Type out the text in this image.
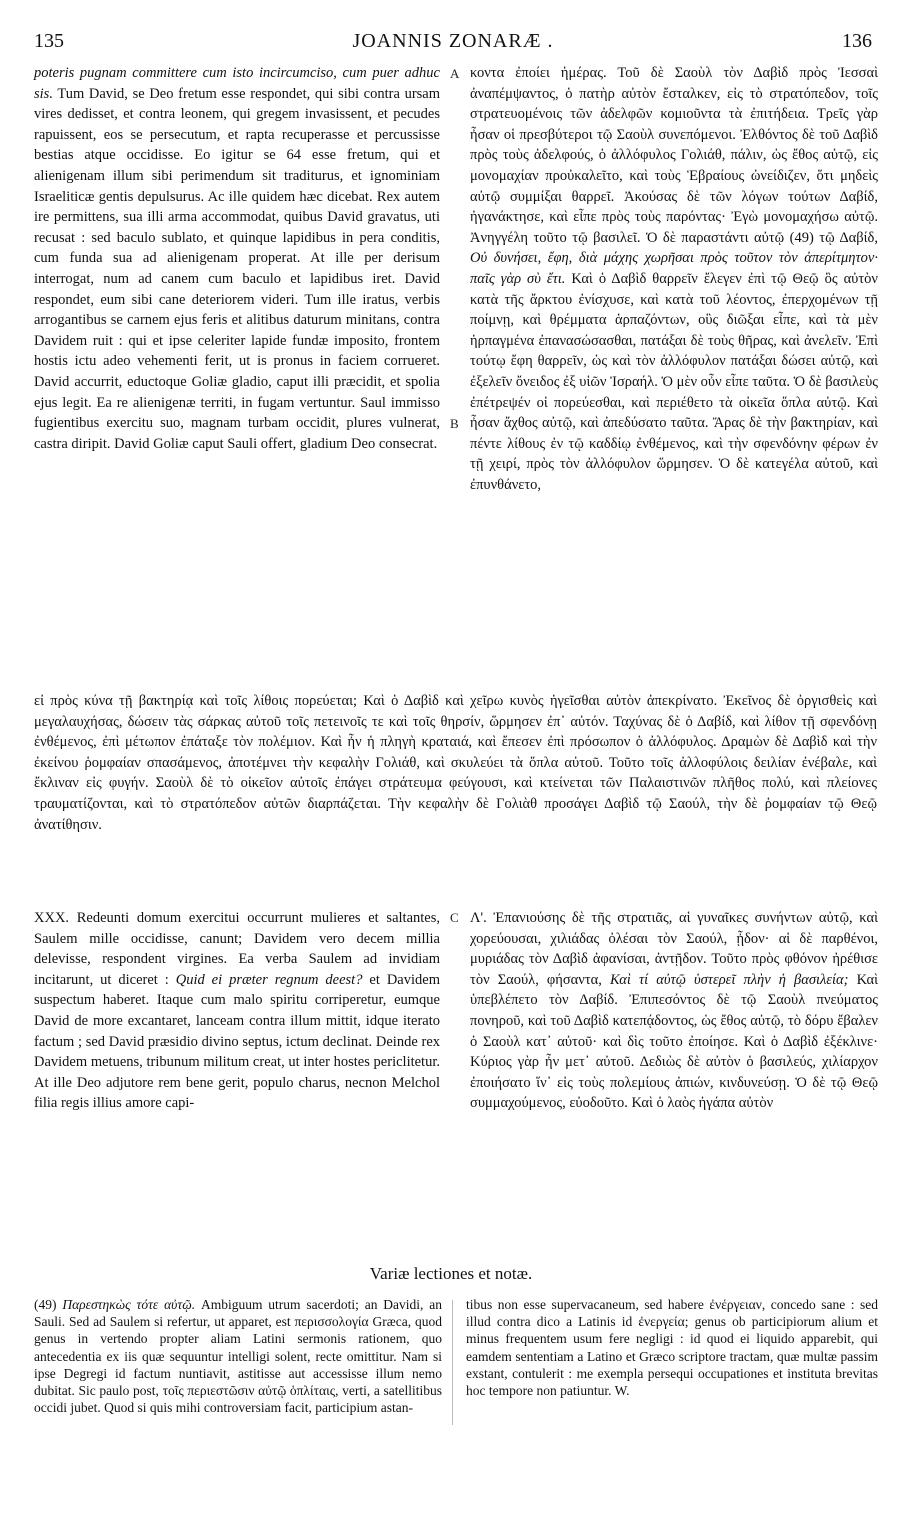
135	JOANNIS ZONARÆ .	136
A
B
C

poteris pugnam committere cum isto incircumciso, cum puer adhuc sis. Tum David, se Deo fretum esse respondet, qui sibi contra ursam vires dedisset, et contra leonem, qui gregem invasissent, et pecudes rapuissent, eos se persecutum, et rapta recuperasse et percussisse bestias atque occidisse. Eo igitur se 64 esse fretum, qui et alienigenam illum sibi perimendum sit traditurus, et ignominiam Israeliticæ gentis depulsurus. Ac ille quidem hæc dicebat. Rex autem ire permittens, sua illi arma accommodat, quibus David gravatus, uti recusat : sed baculo sublato, et quinque lapidibus in pera conditis, cum funda sua ad alienigenam properat. At ille per derisum interrogat, num ad canem cum baculo et lapidibus iret. David respondet, eum sibi cane deteriorem videri. Tum ille iratus, verbis arrogantibus se carnem ejus feris et alitibus daturum minitans, contra Davidem ruit : qui et ipse celeriter lapide fundæ imposito, frontem hostis ictu adeo vehementi ferit, ut is pronus in faciem corrueret. David accurrit, eductoque Goliæ gladio, caput illi præcidit, et spolia ejus legit. Ea re alienigenæ territi, in fugam vertuntur. Saul immisso fugientibus exercitu suo, magnam turbam occidit, plures vulnerat, castra diripit. David Goliæ caput Sauli offert, gladium Deo consecrat.

κοντα ἐποίει ἡμέρας. Τοῦ δὲ Σαοὺλ τὸν Δαβὶδ πρὸς Ἰεσσαὶ ἀναπέμψαντος, ὁ πατὴρ αὐτὸν ἔσταλκεν, εἰς τὸ στρατόπεδον, τοῖς στρατευομένοις τῶν ἀδελφῶν κομιοῦντα τὰ ἐπιτήδεια. Τρεῖς γὰρ ἦσαν οἱ πρεσβύτεροι τῷ Σαοὺλ συνεπόμενοι. Ἐλθόντος δὲ τοῦ Δαβὶδ πρὸς τοὺς ἀδελφούς, ὁ ἀλλόφυλος Γολιάθ, πάλιν, ὡς ἔθος αὐτῷ, εἰς μονομαχίαν προὐκαλεῖτο, καὶ τοὺς Ἑβραίους ὠνείδιζεν, ὅτι μηδεὶς αὐτῷ συμμίξαι θαρρεῖ. Ἀκούσας δὲ τῶν λόγων τούτων Δαβίδ, ἠγανάκτησε, καὶ εἶπε πρὸς τοὺς παρόντας· Ἐγὼ μονομαχήσω αὐτῷ. Ἀνηγγέλη τοῦτο τῷ βασιλεῖ. Ὁ δὲ παραστάντι αὐτῷ (49) τῷ Δαβίδ, Οὐ δυνήσει, ἔφη, διὰ μάχης χωρῆσαι πρὸς τοῦτον τὸν ἀπερίτμητον· παῖς γὰρ σὺ ἔτι. Καὶ ὁ Δαβὶδ θαρρεῖν ἔλεγεν ἐπὶ τῷ Θεῷ ὃς αὐτὸν κατὰ τῆς ἄρκτου ἐνίσχυσε, καὶ κατὰ τοῦ λέοντος, ἐπερχομένων τῇ ποίμνῃ, καὶ θρέμματα ἁρπαζόντων, οὓς διῶξαι εἶπε, καὶ τὰ μὲν ἡρπαγμένα ἐπανασώσασθαι, πατάξαι δὲ τοὺς θῆρας, καὶ ἀνελεῖν. Ἐπὶ τούτῳ ἔφη θαρρεῖν, ὡς καὶ τὸν ἀλλόφυλον πατάξαι δώσει αὐτῷ, καὶ ἐξελεῖν ὄνειδος ἐξ υἱῶν Ἰσραήλ. Ὁ μὲν οὖν εἶπε ταῦτα. Ὁ δὲ βασιλεὺς ἐπέτρεψέν οἱ πορεύεσθαι, καὶ περιέθετο τὰ οἰκεῖα ὅπλα αὐτῷ. Καὶ ἦσαν ἄχθος αὐτῷ, καὶ ἀπεδύσατο ταῦτα. Ἄρας δὲ τὴν βακτηρίαν, καὶ πέντε λίθους ἐν τῷ καδδίῳ ἐνθέμενος, καὶ τὴν σφενδόνην φέρων ἐν τῇ χειρί, πρὸς τὸν ἀλλόφυλον ὥρμησεν. Ὁ δὲ κατεγέλα αὐτοῦ, καὶ ἐπυνθάνετο,

εἰ πρὸς κύνα τῇ βακτηρίᾳ καὶ τοῖς λίθοις πορεύεται; Καὶ ὁ Δαβὶδ καὶ χεῖρω κυνὸς ἡγεῖσθαι αὐτὸν ἀπεκρίνατο. Ἐκεῖνος δὲ ὀργισθεὶς καὶ μεγαλαυχήσας, δώσειν τὰς σάρκας αὐτοῦ τοῖς πετεινοῖς τε καὶ τοῖς θηρσίν, ὥρμησεν ἐπ᾽ αὐτόν. Ταχύνας δὲ ὁ Δαβίδ, καὶ λίθον τῇ σφενδόνῃ ἐνθέμενος, ἐπὶ μέτωπον ἐπάταξε τὸν πολέμιον. Καὶ ἦν ἡ πληγὴ κραταιά, καὶ ἔπεσεν ἐπὶ πρόσωπον ὁ ἀλλόφυλος. Δραμὼν δὲ Δαβὶδ καὶ τὴν ἐκείνου ῥομφαίαν σπασάμενος, ἀποτέμνει τὴν κεφαλὴν Γολιάθ, καὶ σκυλεύει τὰ ὅπλα αὐτοῦ. Τοῦτο τοῖς ἀλλοφύλοις δειλίαν ἐνέβαλε, καὶ ἔκλιναν εἰς φυγήν. Σαοὺλ δὲ τὸ οἰκεῖον αὐτοῖς ἐπάγει στράτευμα φεύγουσι, καὶ κτείνεται τῶν Παλαιστινῶν πλῆθος πολύ, καὶ πλείονες τραυματίζονται, καὶ τὸ στρατόπεδον αὐτῶν διαρπάζεται. Τὴν κεφαλὴν δὲ Γολιὰθ προσάγει Δαβὶδ τῷ Σαούλ, τὴν δὲ ῥομφαίαν τῷ Θεῷ ἀνατίθησιν.

XXX. Redeunti domum exercitui occurrunt mulieres et saltantes, Saulem mille occidisse, canunt; Davidem vero decem millia delevisse, respondent virgines. Ea verba Saulem ad invidiam incitarunt, ut diceret : Quid ei præter regnum deest? et Davidem suspectum haberet. Itaque cum malo spiritu corriperetur, eumque David de more excantaret, lanceam contra illum mittit, idque iterato factum ; sed David præsidio divino septus, ictum declinat. Deinde rex Davidem metuens, tribunum militum creat, ut inter hostes periclitetur. At ille Deo adjutore rem bene gerit, populo charus, necnon Melchol filia regis illius amore capi-

Λ'. Ἐπανιούσης δὲ τῆς στρατιᾶς, αἱ γυναῖκες συνήντων αὐτῷ, καὶ χορεύουσαι, χιλιάδας ὀλέσαι τὸν Σαούλ, ᾖδον· αἱ δὲ παρθένοι, μυριάδας τὸν Δαβὶδ ἀφανίσαι, ἀντῇδον. Τοῦτο πρὸς φθόνον ἠρέθισε τὸν Σαούλ, φήσαντα, Καὶ τί αὐτῷ ὑστερεῖ πλὴν ἡ βασιλεία; Καὶ ὑπεβλέπετο τὸν Δαβίδ. Ἐπιπεσόντος δὲ τῷ Σαοὺλ πνεύματος πονηροῦ, καὶ τοῦ Δαβὶδ κατεπᾴδοντος, ὡς ἔθος αὐτῷ, τὸ δόρυ ἔβαλεν ὁ Σαοὺλ κατ᾽ αὐτοῦ· καὶ δὶς τοῦτο ἐποίησε. Καὶ ὁ Δαβὶδ ἐξέκλινε· Κύριος γὰρ ἦν μετ᾽ αὐτοῦ. Δεδιὼς δὲ αὐτὸν ὁ βασιλεύς, χιλίαρχον ἐποιήσατο ἵν᾽ εἰς τοὺς πολεμίους ἀπιών, κινδυνεύσῃ. Ὁ δὲ τῷ Θεῷ συμμαχούμενος, εὐοδοῦτο. Καὶ ὁ λαὸς ἠγάπα αὐτὸν

Variæ lectiones et notæ.

(49) Παρεστηκὼς τότε αὐτῷ. Ambiguum utrum sacerdoti; an Davidi, an Sauli. Sed ad Saulem si refertur, ut apparet, est περισσολογία Græca, quod genus in vertendo propter aliam Latini sermonis rationem, quo antecedentia ex iis quæ sequuntur intelligi solent, recte omittitur. Nam si ipse Degregi id factum nuntiavit, astitisse aut accessisse illum nemo dubitat. Sic paulo post, τοῖς περιεστῶσιν αὐτῷ ὁπλίταις, verti, a satellitibus occidi jubet. Quod si quis mihi controversiam facit, participium astan-

tibus non esse supervacaneum, sed habere ἐνέργειαν, concedo sane : sed illud contra dico a Latinis id ἐνεργεία; genus ob participiorum alium et minus frequentem usum fere negligi : id quod ei liquido apparebit, qui eamdem sententiam a Latino et Græco scriptore tractam, quæ multæ passim exstant, contulerit : me exempla persequi occupationes et instituta brevitas hoc tempore non patiuntur. W.
